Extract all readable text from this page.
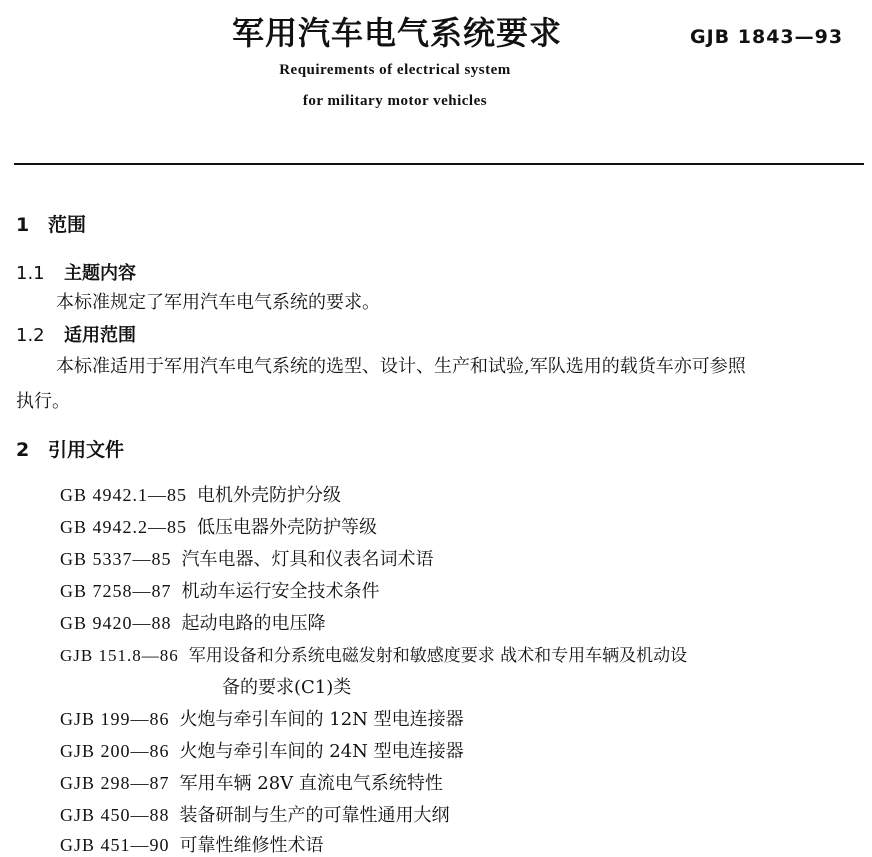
军用汽车电气系统要求	GJB 1843—93
Requirements of electrical system
for military motor vehicles
1 范围
1.1 主题内容
本标准规定了军用汽车电气系统的要求。
1.2 适用范围
本标准适用于军用汽车电气系统的选型、设计、生产和试验,军队选用的载货车亦可参照
执行。
2 引用文件
GB 4942.1—85 电机外壳防护分级
GB 4942.2—85 低压电器外壳防护等级
GB 5337—85 汽车电器、灯具和仪表名词术语
GB 7258—87 机动车运行安全技术条件
GB 9420—88 起动电路的电压降
GJB 151.8—86 军用设备和分系统电磁发射和敏感度要求 战术和专用车辆及机动设
备的要求(C1)类
GJB 199—86 火炮与牵引车间的 12N 型电连接器
GJB 200—86 火炮与牵引车间的 24N 型电连接器
GJB 298—87 军用车辆 28V 直流电气系统特性
GJB 450—88 装备研制与生产的可靠性通用大纲
GJB 451—90 可靠性维修性术语
